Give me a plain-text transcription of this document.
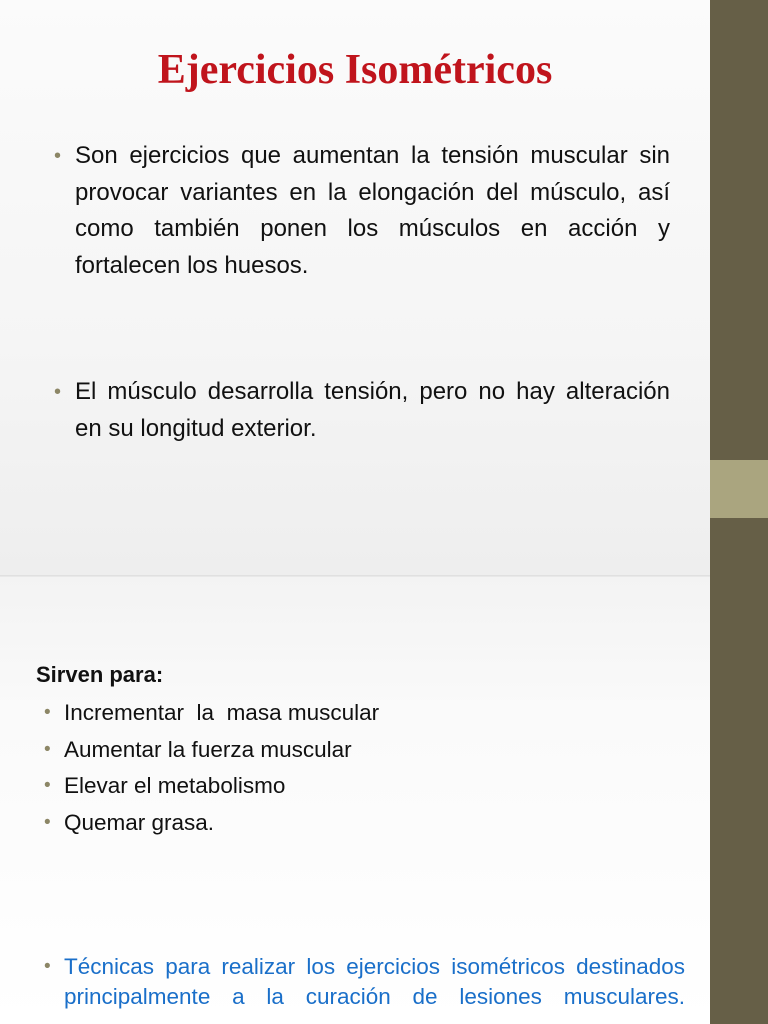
Ejercicios Isométricos
• Son ejercicios que aumentan la tensión muscular sin provocar variantes en la elongación del músculo, así como también ponen los músculos en acción y fortalecen los huesos.
• El músculo desarrolla tensión, pero no hay alteración en su longitud exterior.
Sirven para:
• Incrementar  la  masa muscular
• Aumentar la fuerza muscular
• Elevar el metabolismo
• Quemar grasa.
• Técnicas para realizar los ejercicios isométricos destinados principalmente a la curación de lesiones musculares.
